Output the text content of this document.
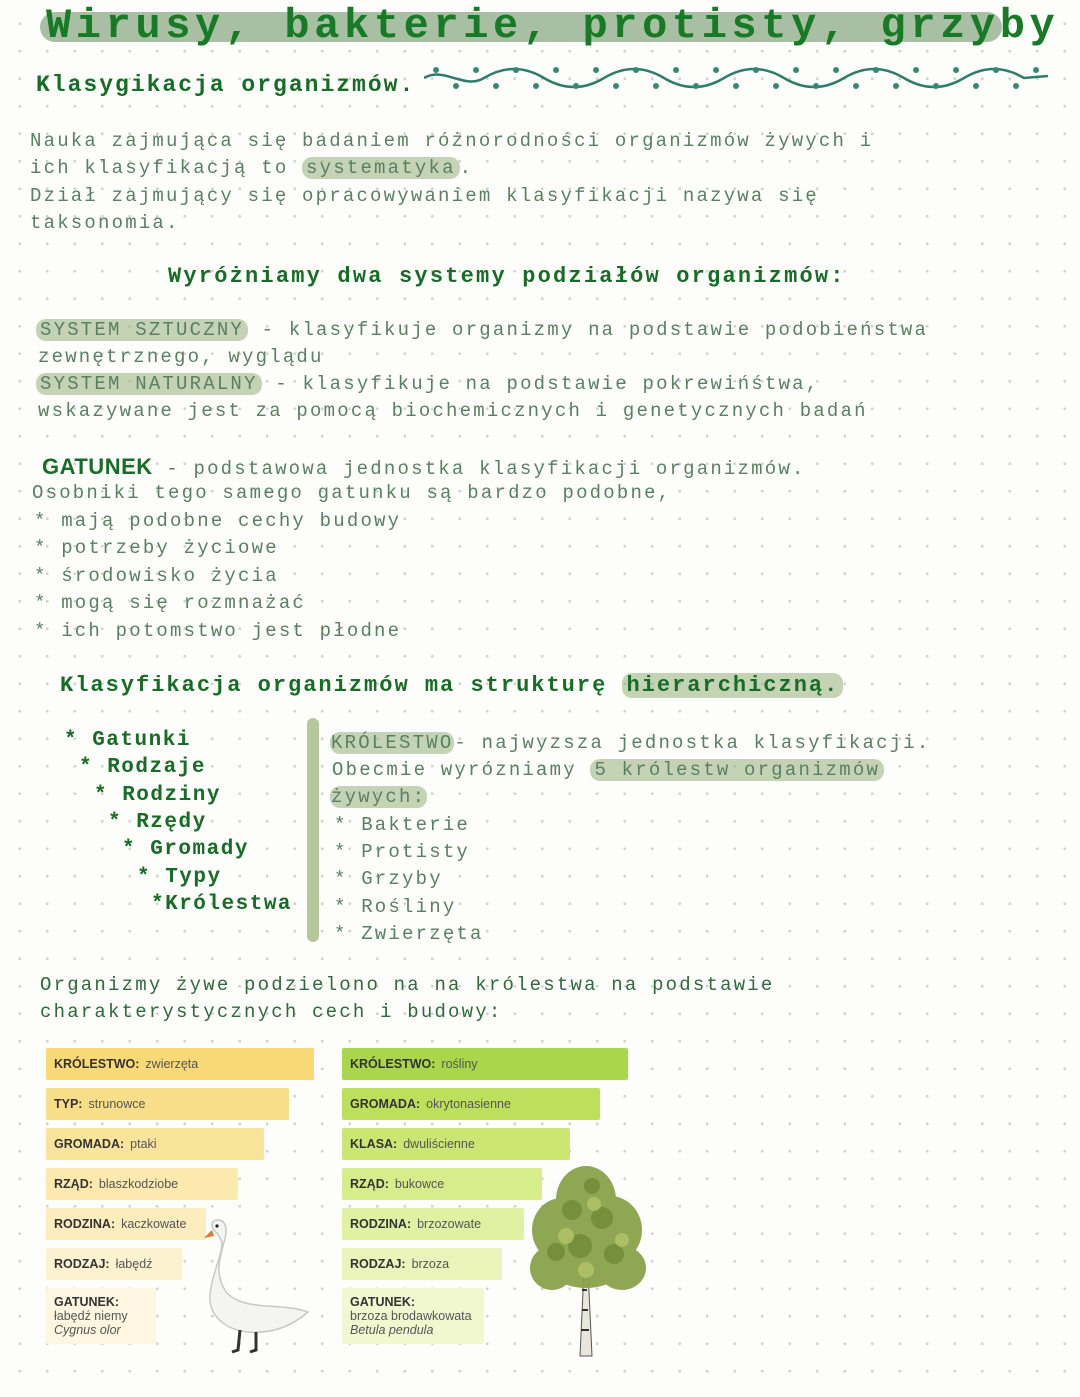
Wirusy, bakterie, protisty, grzyby
Klasygikacja organizmów.
Nauka zajmująca się badaniem różnorodności organizmów żywych i
ich klasyfikacją to systematyka .
Dział zajmujący się opracowywaniem klasyfikacji nazywa się
taksonomia.
Wyróżniamy dwa systemy podziałów organizmów:
SYSTEM SZTUCZNY - klasyfikuje organizmy na podstawie podobieństwa
zewnętrznego, wyglądu
SYSTEM NATURALNY - klasyfikuje na podstawie pokrewińśtwa,
wskazywane jest za pomocą biochemicznych i genetycznych badań
GATUNEK - podstawowa jednostka klasyfikacji organizmów.
Osobniki tego samego gatunku są bardzo podobne,
* mają podobne cechy budowy
* potrzeby życiowe
* środowisko życia
* mogą się rozmnażać
* ich potomstwo jest płodne
Klasyfikacja organizmów ma strukturę hierarchiczną.
* Gatunki
* Rodzaje
* Rodziny
* Rzędy
* Gromady
* Typy
*Królestwa
KRÓLESTWO- najwyzsza jednostka klasyfikacji.
Obecmie wyrózniamy 5 królestw organizmów
żywych:
* Bakterie
* Protisty
* Grzyby
* Rośliny
* Zwierzęta
Organizmy żywe podzielono na na królestwa na podstawie
charakterystycznych cech i budowy:
KRÓLESTWO: zwierzęta
TYP: strunowce
GROMADA: ptaki
RZĄD: blaszkodziobe
RODZINA: kaczkowate
RODZAJ: łabędź
GATUNEK:
łabędź niemy
Cygnus olor
KRÓLESTWO: rośliny
GROMADA: okrytonasienne
KLASA: dwuliścienne
RZĄD: bukowce
RODZINA: brzozowate
RODZAJ: brzoza
GATUNEK:
brzoza brodawkowata
Betula pendula
